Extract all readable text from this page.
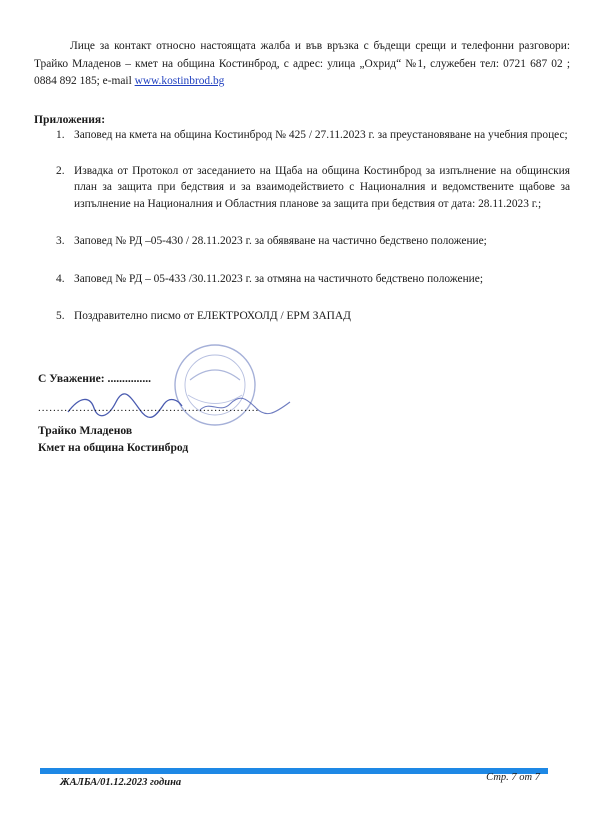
Лице за контакт относно настоящата жалба и във връзка с бъдещи срещи и телефонни разговори: Трайко Младенов – кмет на община Костинброд, с адрес: улица „Охрид“ №1, служебен тел: 0721 687 02 ; 0884 892 185; e-mail www.kostinbrod.bg

Приложения:
1. Заповед на кмета на община Костинброд № 425 / 27.11.2023 г. за преустановяване на учебния процес;
2. Извадка от Протокол от заседанието на Щаба на община Костинброд за изпълнение на общинския план за защита при бедствия и за взаимодействието с Националния и ведомствените щабове за изпълнение на Националния и Областния планове за защита при бедствия от дата: 28.11.2023 г.;
3. Заповед № РД –05-430 / 28.11.2023 г. за обявяване на частично бедствено положение;
4. Заповед № РД – 05-433 /30.11.2023 г. за отмяна на частичното бедствено положение;
5. Поздравително писмо от ЕЛЕКТРОХОЛД / ЕРМ ЗАПАД
С Уважение: ...............
...........................................................
Трайко Младенов
Кмет на община Костинброд
ЖАЛБА/01.12.2023 година	Стр. 7 от 7
